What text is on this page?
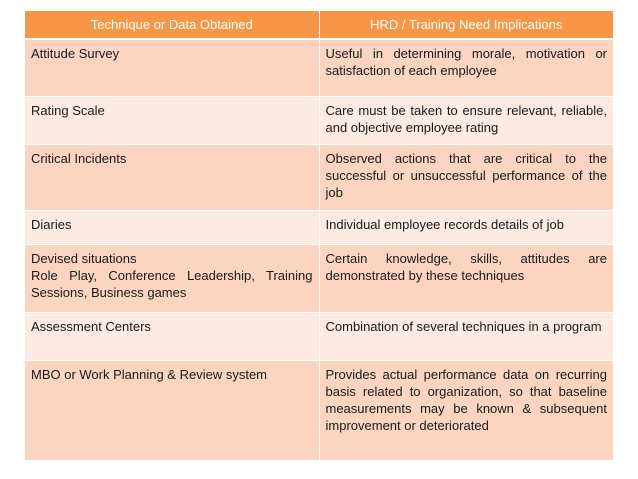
Technique or Data Obtained	HRD / Training Need Implications

Attitude Survey	Useful in determining morale, motivation or satisfaction of each employee

Rating Scale	Care must be taken to ensure relevant, reliable, and objective employee rating

Critical Incidents	Observed actions that are critical to the successful or unsuccessful performance of the job

Diaries	Individual employee records details of job

Devised situations
Role Play, Conference Leadership, Training Sessions, Business games	Certain knowledge, skills, attitudes are demonstrated by these techniques

Assessment Centers	Combination of several techniques in a program

MBO or Work Planning & Review system	Provides actual performance data on recurring basis related to organization, so that baseline measurements may be known & subsequent improvement or deteriorated
